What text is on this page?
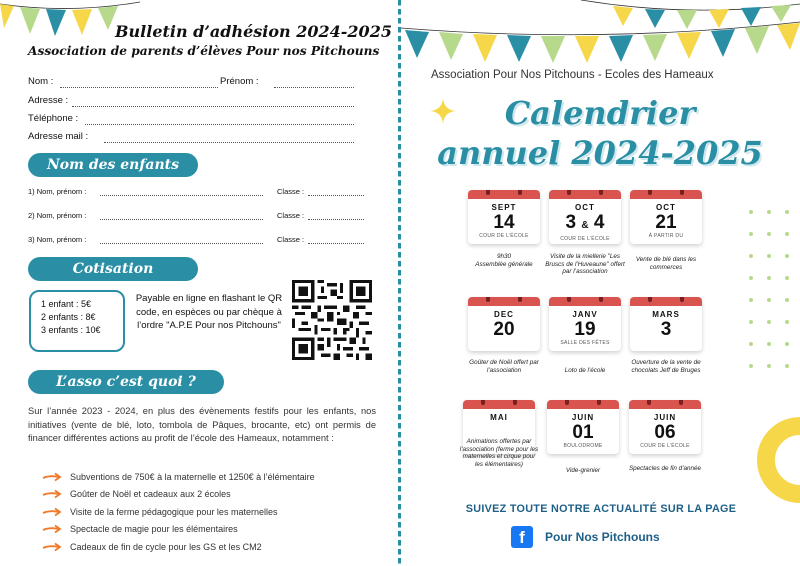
Bulletin d’adhésion 2024-2025
Association de parents d’élèves Pour nos Pitchouns
Nom :	Prénom :
Adresse :
Téléphone :
Adresse mail :
Nom des enfants
1) Nom, prénom :	Classe :
2) Nom, prénom :	Classe :
3) Nom, prénom :	Classe :
Cotisation
1 enfant : 5€
2 enfants : 8€
3 enfants : 10€
Payable en ligne en flashant le QR code, en espèces ou par chèque à l’ordre "A.P.E Pour nos Pitchouns"
L’asso c’est quoi ?
Sur l’année 2023 - 2024, en plus des évènements festifs pour les enfants, nos initiatives (vente de blé, loto, tombola de Pâques, brocante, etc) ont permis de financer différentes actions au profit de l’école des Hameaux, notamment :
Subventions de 750€ à la maternelle et 1250€ à l’élémentaire
Goûter de Noël et cadeaux aux 2 écoles
Visite de la ferme pédagogique pour les maternelles
Spectacle de magie pour les élémentaires
Cadeaux de fin de cycle pour les GS et les CM2
Association Pour Nos Pitchouns - Ecoles des Hameaux
Calendrier
annuel 2024-2025
SEPT
14
COUR DE L’ÉCOLE
9h30
Assemblée générale
OCT
3 & 4
COUR DE L’ÉCOLE
Visite de la miellerie "Les Bruscs de l’Huveaune" offert par l’association
OCT
21
À PARTIR DU
Vente de blé dans les commerces
DEC
20
Goûter de Noël offert par l’association
JANV
19
SALLE DES FÊTES
Loto de l’école
MARS
3
Ouverture de la vente de chocolats Jeff de Bruges
MAI
Animations offertes par l’association (ferme pour les maternelles et cirque pour les élémentaires)
JUIN
01
BOULODROME
Vide-grenier
JUIN
06
COUR DE L’ÉCOLE
Spectacles de fin d’année
SUIVEZ TOUTE NOTRE ACTUALITÉ SUR LA PAGE
f	Pour Nos Pitchouns
